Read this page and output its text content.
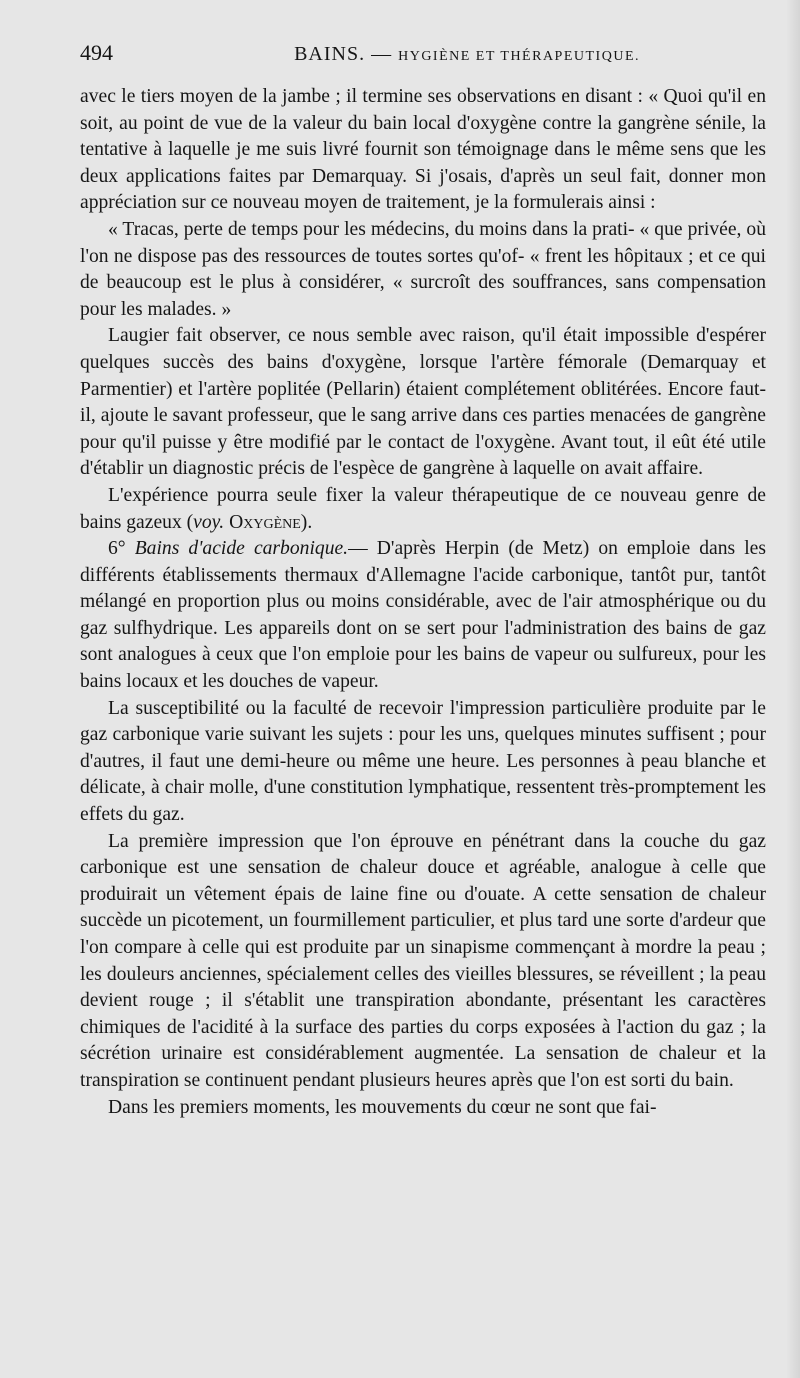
494	BAINS. — HYGIÈNE ET THÉRAPEUTIQUE.

avec le tiers moyen de la jambe ; il termine ses observations en disant : « Quoi qu'il en soit, au point de vue de la valeur du bain local d'oxygène contre la gangrène sénile, la tentative à laquelle je me suis livré fournit son témoignage dans le même sens que les deux applications faites par Demarquay. Si j'osais, d'après un seul fait, donner mon appréciation sur ce nouveau moyen de traitement, je la formulerais ainsi :

« Tracas, perte de temps pour les médecins, du moins dans la prati- « que privée, où l'on ne dispose pas des ressources de toutes sortes qu'of- « frent les hôpitaux ; et ce qui de beaucoup est le plus à considérer, « surcroît des souffrances, sans compensation pour les malades. »

Laugier fait observer, ce nous semble avec raison, qu'il était impossible d'espérer quelques succès des bains d'oxygène, lorsque l'artère fémorale (Demarquay et Parmentier) et l'artère poplitée (Pellarin) étaient complétement oblitérées. Encore faut-il, ajoute le savant professeur, que le sang arrive dans ces parties menacées de gangrène pour qu'il puisse y être modifié par le contact de l'oxygène. Avant tout, il eût été utile d'établir un diagnostic précis de l'espèce de gangrène à laquelle on avait affaire.

L'expérience pourra seule fixer la valeur thérapeutique de ce nouveau genre de bains gazeux (voy. Oxygène).

6° Bains d'acide carbonique.— D'après Herpin (de Metz) on emploie dans les différents établissements thermaux d'Allemagne l'acide carbonique, tantôt pur, tantôt mélangé en proportion plus ou moins considérable, avec de l'air atmosphérique ou du gaz sulfhydrique. Les appareils dont on se sert pour l'administration des bains de gaz sont analogues à ceux que l'on emploie pour les bains de vapeur ou sulfureux, pour les bains locaux et les douches de vapeur.

La susceptibilité ou la faculté de recevoir l'impression particulière produite par le gaz carbonique varie suivant les sujets : pour les uns, quelques minutes suffisent ; pour d'autres, il faut une demi-heure ou même une heure. Les personnes à peau blanche et délicate, à chair molle, d'une constitution lymphatique, ressentent très-promptement les effets du gaz.

La première impression que l'on éprouve en pénétrant dans la couche du gaz carbonique est une sensation de chaleur douce et agréable, analogue à celle que produirait un vêtement épais de laine fine ou d'ouate. A cette sensation de chaleur succède un picotement, un fourmillement particulier, et plus tard une sorte d'ardeur que l'on compare à celle qui est produite par un sinapisme commençant à mordre la peau ; les douleurs anciennes, spécialement celles des vieilles blessures, se réveillent ; la peau devient rouge ; il s'établit une transpiration abondante, présentant les caractères chimiques de l'acidité à la surface des parties du corps exposées à l'action du gaz ; la sécrétion urinaire est considérablement augmentée. La sensation de chaleur et la transpiration se continuent pendant plusieurs heures après que l'on est sorti du bain.

Dans les premiers moments, les mouvements du cœur ne sont que fai-
